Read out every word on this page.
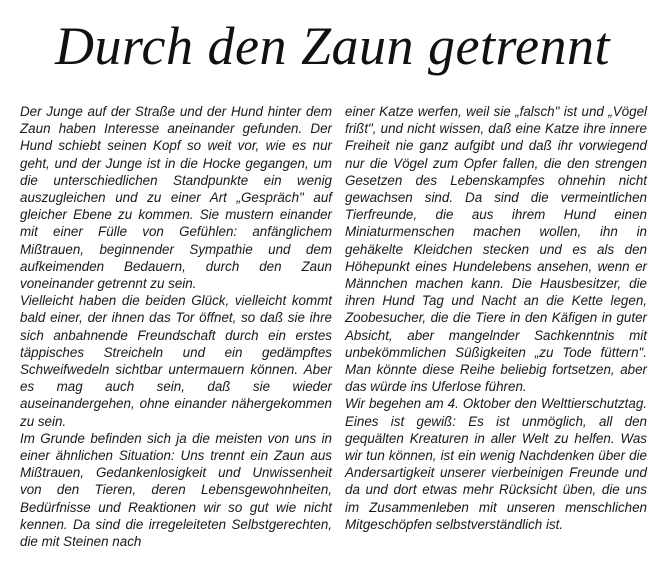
Durch den Zaun getrennt

Der Junge auf der Straße und der Hund hinter dem Zaun haben Interesse aneinander gefunden. Der Hund schiebt seinen Kopf so weit vor, wie es nur geht, und der Junge ist in die Hocke gegangen, um die unterschiedlichen Standpunkte ein wenig auszugleichen und zu einer Art „Gespräch" auf gleicher Ebene zu kommen. Sie mustern einander mit einer Fülle von Gefühlen: anfänglichem Mißtrauen, beginnender Sympathie und dem aufkeimenden Bedauern, durch den Zaun voneinander getrennt zu sein.

Vielleicht haben die beiden Glück, vielleicht kommt bald einer, der ihnen das Tor öffnet, so daß sie ihre sich anbahnende Freundschaft durch ein erstes täppisches Streicheln und ein gedämpftes Schweifwedeln sichtbar untermauern können. Aber es mag auch sein, daß sie wieder auseinandergehen, ohne einander nähergekommen zu sein.

Im Grunde befinden sich ja die meisten von uns in einer ähnlichen Situation: Uns trennt ein Zaun aus Mißtrauen, Gedankenlosigkeit und Unwissenheit von den Tieren, deren Lebensgewohnheiten, Bedürfnisse und Reaktionen wir so gut wie nicht kennen. Da sind die irregeleiteten Selbstgerechten, die mit Steinen nach

einer Katze werfen, weil sie „falsch" ist und „Vögel frißt", und nicht wissen, daß eine Katze ihre innere Freiheit nie ganz aufgibt und daß ihr vorwiegend nur die Vögel zum Opfer fallen, die den strengen Gesetzen des Lebenskampfes ohnehin nicht gewachsen sind. Da sind die vermeintlichen Tierfreunde, die aus ihrem Hund einen Miniaturmenschen machen wollen, ihn in gehäkelte Kleidchen stecken und es als den Höhepunkt eines Hundelebens ansehen, wenn er Männchen machen kann. Die Hausbesitzer, die ihren Hund Tag und Nacht an die Kette legen, Zoobesucher, die die Tiere in den Käfigen in guter Absicht, aber mangelnder Sachkenntnis mit unbekömmlichen Süßigkeiten „zu Tode füttern". Man könnte diese Reihe beliebig fortsetzen, aber das würde ins Uferlose führen.

Wir begehen am 4. Oktober den Welttierschutztag. Eines ist gewiß: Es ist unmöglich, all den gequälten Kreaturen in aller Welt zu helfen. Was wir tun können, ist ein wenig Nachdenken über die Andersartigkeit unserer vierbeinigen Freunde und da und dort etwas mehr Rücksicht üben, die uns im Zusammenleben mit unseren menschlichen Mitgeschöpfen selbstverständlich ist.
